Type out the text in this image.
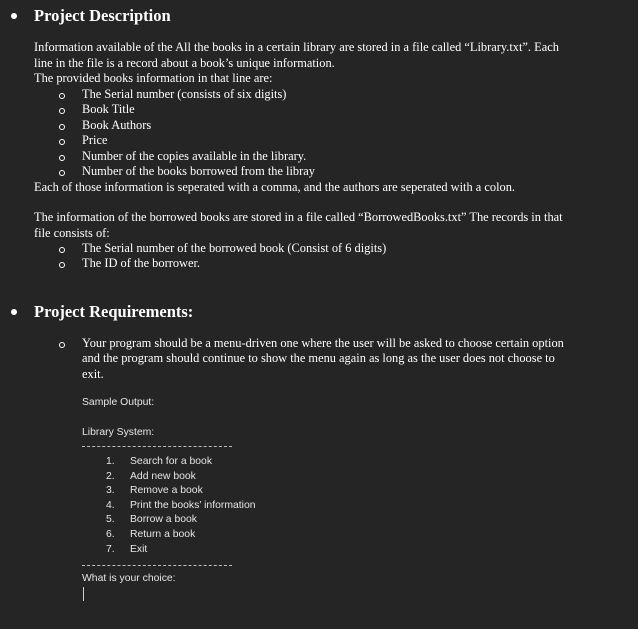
Project Description
Information available of the All the books in a certain library are stored in a file called “Library.txt”. Each
line in the file is a record about a book’s unique information.
The provided books information in that line are:
The Serial number (consists of six digits)
Book Title
Book Authors
Price
Number of the copies available in the library.
Number of the books borrowed from the libray
Each of those information is seperated with a comma, and the authors are seperated with a colon.
The information of the borrowed books are stored in a file called “BorrowedBooks.txt” The records in that
file consists of:
The Serial number of the borrowed book (Consist of 6 digits)
The ID of the borrower.
Project Requirements:
Your program should be a menu-driven one where the user will be asked to choose certain option
and the program should continue to show the menu again as long as the user does not choose to
exit.
Sample Output:
Library System:
1. Search for a book
2. Add new book
3. Remove a book
4. Print the books’ information
5. Borrow a book
6. Return a book
7. Exit
What is your choice:
